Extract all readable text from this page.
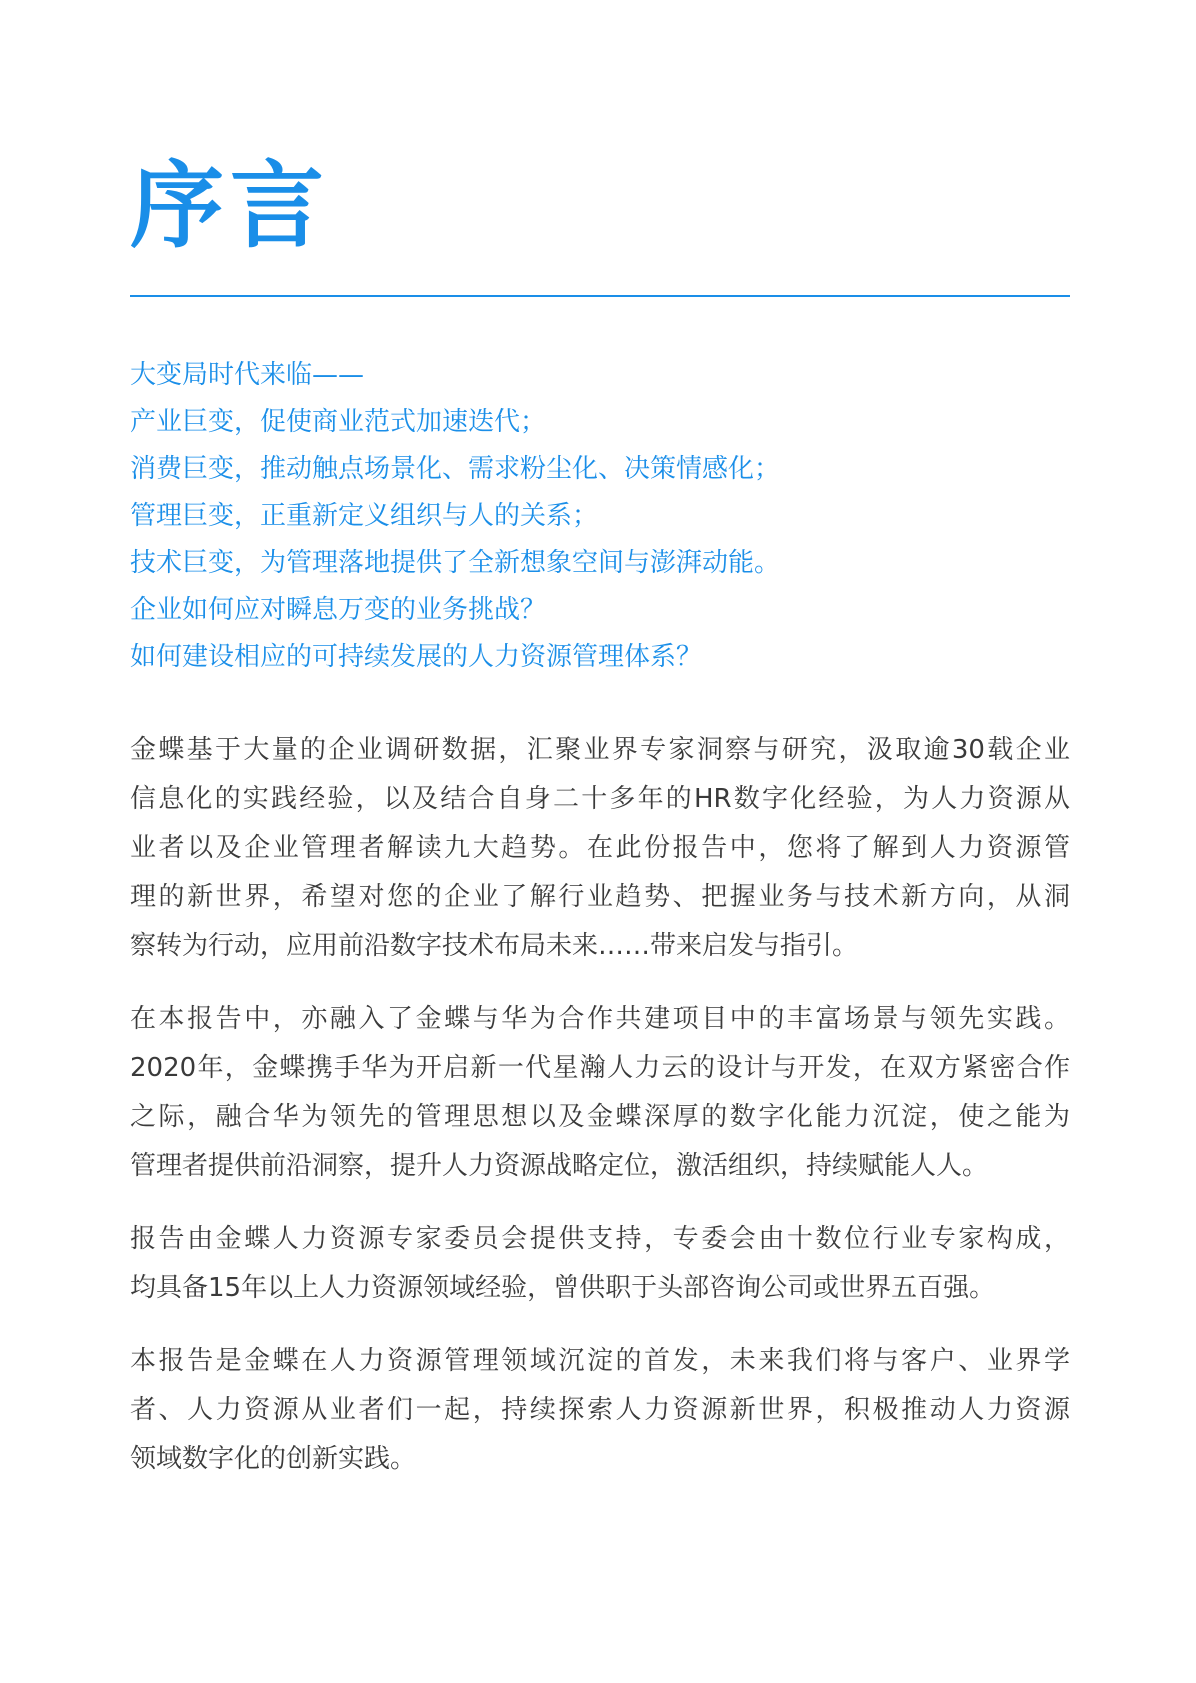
序言
大变局时代来临——
产业巨变，促使商业范式加速迭代；
消费巨变，推动触点场景化、需求粉尘化、决策情感化；
管理巨变，正重新定义组织与人的关系；
技术巨变，为管理落地提供了全新想象空间与澎湃动能。
企业如何应对瞬息万变的业务挑战？
如何建设相应的可持续发展的人力资源管理体系？

金蝶基于大量的企业调研数据，汇聚业界专家洞察与研究，汲取逾30载企业
信息化的实践经验，以及结合自身二十多年的HR数字化经验，为人力资源从
业者以及企业管理者解读九大趋势。在此份报告中，您将了解到人力资源管
理的新世界，希望对您的企业了解行业趋势、把握业务与技术新方向，从洞
察转为行动，应用前沿数字技术布局未来……带来启发与指引。

在本报告中，亦融入了金蝶与华为合作共建项目中的丰富场景与领先实践。
2020年，金蝶携手华为开启新一代星瀚人力云的设计与开发，在双方紧密合作
之际，融合华为领先的管理思想以及金蝶深厚的数字化能力沉淀，使之能为
管理者提供前沿洞察，提升人力资源战略定位，激活组织，持续赋能人人。

报告由金蝶人力资源专家委员会提供支持，专委会由十数位行业专家构成，
均具备15年以上人力资源领域经验，曾供职于头部咨询公司或世界五百强。

本报告是金蝶在人力资源管理领域沉淀的首发，未来我们将与客户、业界学
者、人力资源从业者们一起，持续探索人力资源新世界，积极推动人力资源
领域数字化的创新实践。
